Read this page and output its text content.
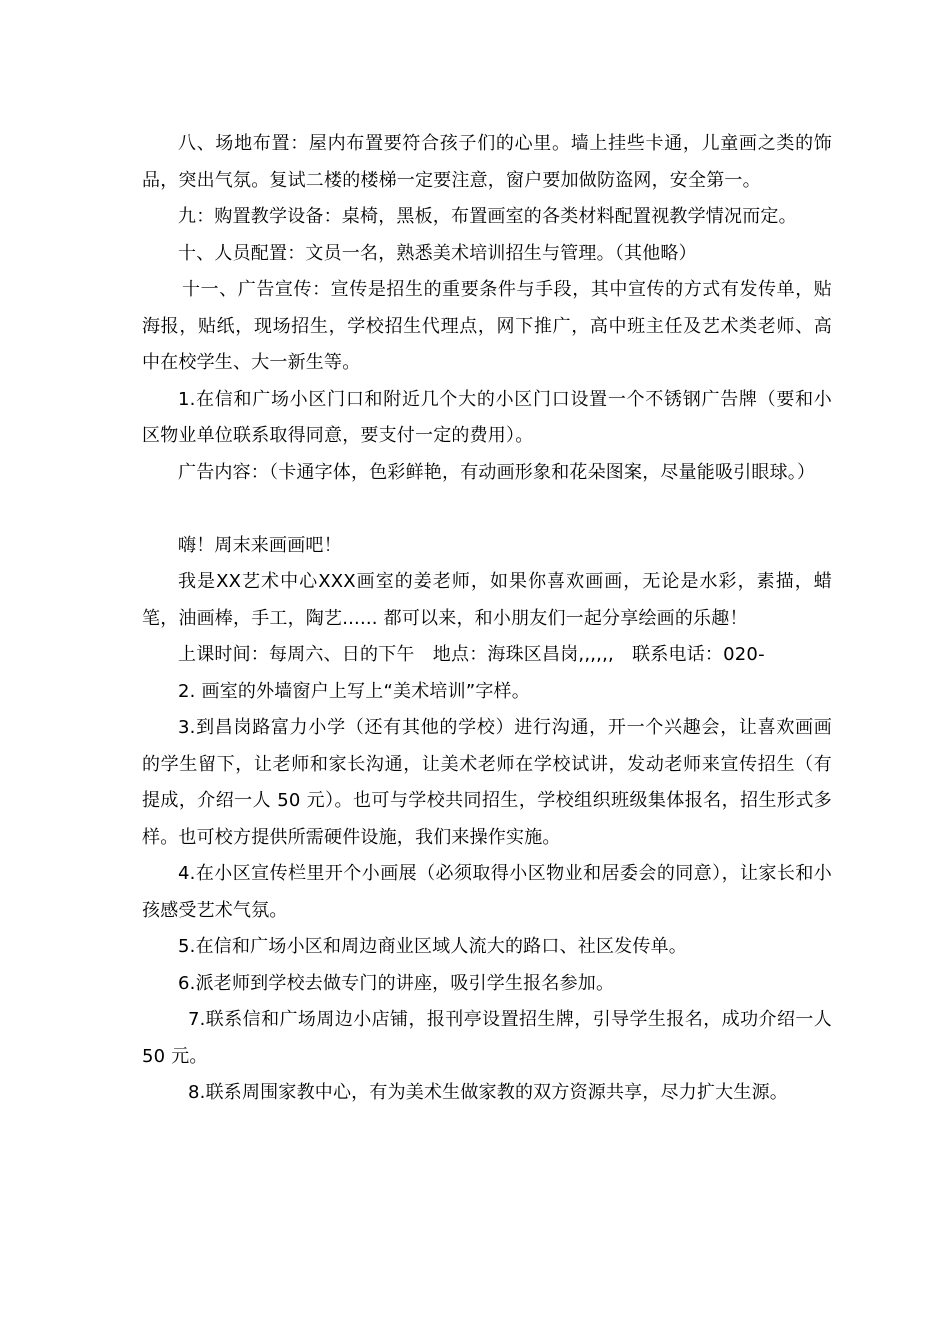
八、场地布置：屋内布置要符合孩子们的心里。墙上挂些卡通，儿童画之类的饰品，突出气氛。复试二楼的楼梯一定要注意，窗户要加做防盗网，安全第一。

九：购置教学设备：桌椅，黑板，布置画室的各类材料配置视教学情况而定。

十、人员配置：文员一名，熟悉美术培训招生与管理。（其他略）

十一、广告宣传：宣传是招生的重要条件与手段，其中宣传的方式有发传单，贴海报，贴纸，现场招生，学校招生代理点，网下推广，高中班主任及艺术类老师、高中在校学生、大一新生等。

1.在信和广场小区门口和附近几个大的小区门口设置一个不锈钢广告牌（要和小区物业单位联系取得同意，要支付一定的费用）。

广告内容：（卡通字体，色彩鲜艳，有动画形象和花朵图案，尽量能吸引眼球。）

嗨！周末来画画吧！

我是XX艺术中心XXX画室的姜老师，如果你喜欢画画，无论是水彩，素描，蜡笔，油画棒，手工，陶艺...... 都可以来，和小朋友们一起分享绘画的乐趣！

上课时间：每周六、日的下午　地点：海珠区昌岗,,,,,,　联系电话：020-

2. 画室的外墙窗户上写上“美术培训”字样。

3.到昌岗路富力小学（还有其他的学校）进行沟通，开一个兴趣会，让喜欢画画的学生留下，让老师和家长沟通，让美术老师在学校试讲，发动老师来宣传招生（有提成，介绍一人 50 元）。也可与学校共同招生，学校组织班级集体报名，招生形式多样。也可校方提供所需硬件设施，我们来操作实施。

4.在小区宣传栏里开个小画展（必须取得小区物业和居委会的同意），让家长和小孩感受艺术气氛。

5.在信和广场小区和周边商业区域人流大的路口、社区发传单。

6.派老师到学校去做专门的讲座，吸引学生报名参加。

7.联系信和广场周边小店铺，报刊亭设置招生牌，引导学生报名，成功介绍一人 50 元。

8.联系周围家教中心，有为美术生做家教的双方资源共享，尽力扩大生源。
